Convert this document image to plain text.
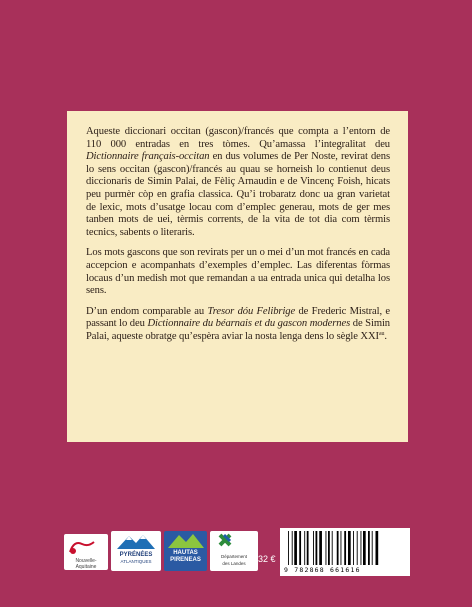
Aqueste diccionari occitan (gascon)/francés que compta a l’entorn de 110 000 entradas en tres tòmes. Qu’amassa l’integralitat deu Dictionnaire français-occitan en dus volumes de Per Noste, revirat dens lo sens occitan (gascon)/francés au quau se horneish lo contienut deus diccionaris de Simin Palai, de Fèliç Arnaudin e de Vincenç Foish, hicats peu purmèr còp en grafia classica. Qu’i trobaratz donc ua gran varietat de lexic, mots d’usatge locau com d’emplec generau, mots de ger mes tanben mots de uei, tèrmis corrents, de la vita de tot dia com tèrmis tecnics, sabents o literaris.

Los mots gascons que son revirats per un o mei d’un mot francés en cada accepcion e acompanhats d’exemples d’emplec. Las diferentas fòrmas locaus d’un medish mot que remandan a ua entrada unica qui detalha los sens.

D’un endom comparable au Tresor dóu Felibrige de Frederic Mistral, e passant lo deu Dictionnaire du béarnais et du gascon modernes de Simin Palai, aqueste obratge qu’espèra aviar la nosta lenga dens lo sègle $XXI^{au}$.

Nouvelle-Aquitaine
PYRÉNÉES
ATLANTIQUES
HAUTAS
PIRENEAS
Département
des Landes	32 €
9 782868 661616
